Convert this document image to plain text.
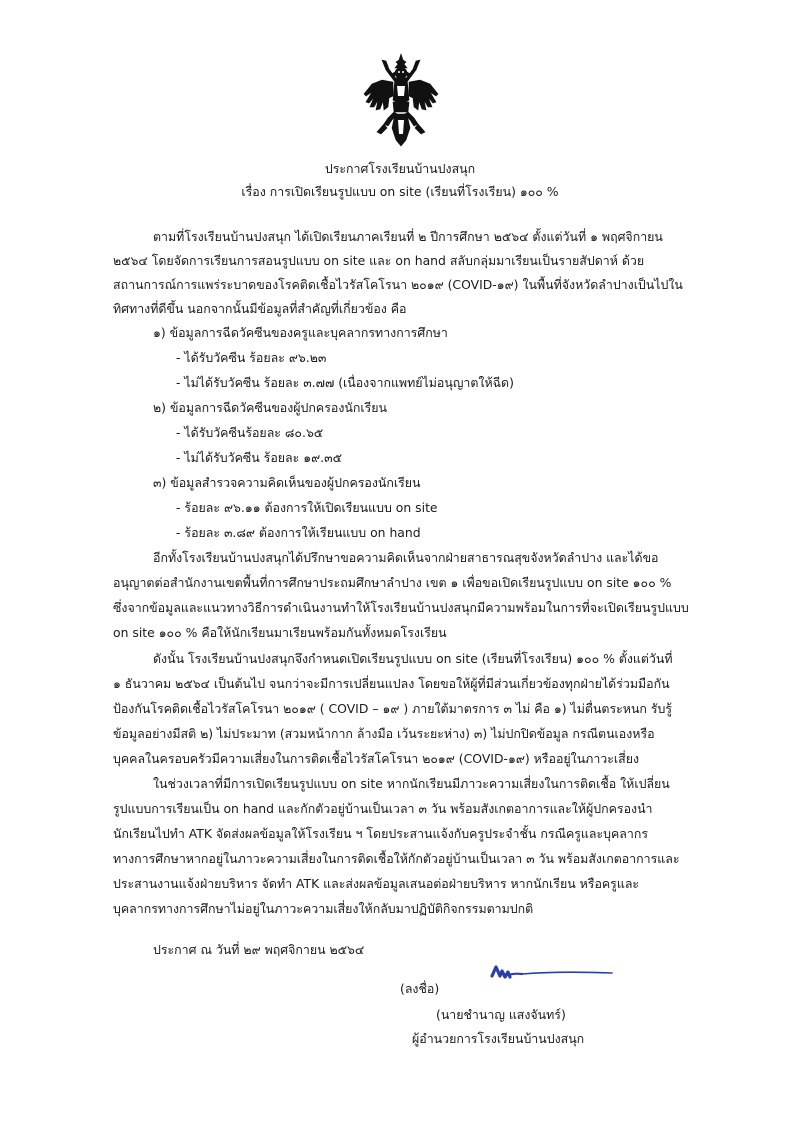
ประกาศโรงเรียนบ้านปงสนุก
เรื่อง การเปิดเรียนรูปแบบ on site (เรียนที่โรงเรียน) ๑๐๐ %
ตามที่โรงเรียนบ้านปงสนุก ได้เปิดเรียนภาคเรียนที่ ๒ ปีการศึกษา ๒๕๖๔ ตั้งแต่วันที่ ๑ พฤศจิกายน
๒๕๖๔ โดยจัดการเรียนการสอนรูปแบบ on site และ on hand สลับกลุ่มมาเรียนเป็นรายสัปดาห์ ด้วย
สถานการณ์การแพร่ระบาดของโรคติดเชื้อไวรัสโคโรนา ๒๐๑๙ (COVID-๑๙) ในพื้นที่จังหวัดลำปางเป็นไปใน
ทิศทางที่ดีขึ้น นอกจากนั้นมีข้อมูลที่สำคัญที่เกี่ยวข้อง คือ
๑) ข้อมูลการฉีดวัคซีนของครูและบุคลากรทางการศึกษา
- ได้รับวัคซีน ร้อยละ ๙๖.๒๓
- ไม่ได้รับวัคซีน ร้อยละ ๓.๗๗ (เนื่องจากแพทย์ไม่อนุญาตให้ฉีด)
๒) ข้อมูลการฉีดวัคซีนของผู้ปกครองนักเรียน
- ได้รับวัคซีนร้อยละ ๘๐.๖๕
- ไม่ได้รับวัคซีน ร้อยละ ๑๙.๓๕
๓) ข้อมูลสำรวจความคิดเห็นของผู้ปกครองนักเรียน
- ร้อยละ ๙๖.๑๑ ต้องการให้เปิดเรียนแบบ on site
- ร้อยละ ๓.๘๙ ต้องการให้เรียนแบบ on hand
อีกทั้งโรงเรียนบ้านปงสนุกได้ปรึกษาขอความคิดเห็นจากฝ่ายสาธารณสุขจังหวัดลำปาง และได้ขอ
อนุญาตต่อสำนักงานเขตพื้นที่การศึกษาประถมศึกษาลำปาง เขต ๑ เพื่อขอเปิดเรียนรูปแบบ on site ๑๐๐ %
ซึ่งจากข้อมูลและแนวทางวิธีการดำเนินงานทำให้โรงเรียนบ้านปงสนุกมีความพร้อมในการที่จะเปิดเรียนรูปแบบ
on site ๑๐๐ % คือให้นักเรียนมาเรียนพร้อมกันทั้งหมดโรงเรียน
ดังนั้น โรงเรียนบ้านปงสนุกจึงกำหนดเปิดเรียนรูปแบบ on site (เรียนที่โรงเรียน) ๑๐๐ % ตั้งแต่วันที่
๑ ธันวาคม ๒๕๖๔ เป็นต้นไป จนกว่าจะมีการเปลี่ยนแปลง โดยขอให้ผู้ที่มีส่วนเกี่ยวข้องทุกฝ่ายได้ร่วมมือกัน
ป้องกันโรคติดเชื้อไวรัสโคโรนา ๒๐๑๙ ( COVID – ๑๙ ) ภายใต้มาตรการ ๓ ไม่ คือ ๑) ไม่ตื่นตระหนก รับรู้
ข้อมูลอย่างมีสติ ๒) ไม่ประมาท (สวมหน้ากาก ล้างมือ เว้นระยะห่าง) ๓) ไม่ปกปิดข้อมูล กรณีตนเองหรือ
บุคคลในครอบครัวมีความเสี่ยงในการติดเชื้อไวรัสโคโรนา ๒๐๑๙ (COVID-๑๙) หรืออยู่ในภาวะเสี่ยง
ในช่วงเวลาที่มีการเปิดเรียนรูปแบบ on site หากนักเรียนมีภาวะความเสี่ยงในการติดเชื้อ ให้เปลี่ยน
รูปแบบการเรียนเป็น on hand และกักตัวอยู่บ้านเป็นเวลา ๓ วัน พร้อมสังเกตอาการและให้ผู้ปกครองนำ
นักเรียนไปทำ ATK จัดส่งผลข้อมูลให้โรงเรียน ฯ โดยประสานแจ้งกับครูประจำชั้น กรณีครูและบุคลากร
ทางการศึกษาหากอยู่ในภาวะความเสี่ยงในการติดเชื้อให้กักตัวอยู่บ้านเป็นเวลา ๓ วัน พร้อมสังเกตอาการและ
ประสานงานแจ้งฝ่ายบริหาร จัดทำ ATK และส่งผลข้อมูลเสนอต่อฝ่ายบริหาร หากนักเรียน หรือครูและ
บุคลากรทางการศึกษาไม่อยู่ในภาวะความเสี่ยงให้กลับมาปฏิบัติกิจกรรมตามปกติ
ประกาศ ณ วันที่ ๒๙ พฤศจิกายน ๒๕๖๔
(ลงชื่อ)
(นายชำนาญ แสงจันทร์)
ผู้อำนวยการโรงเรียนบ้านปงสนุก
